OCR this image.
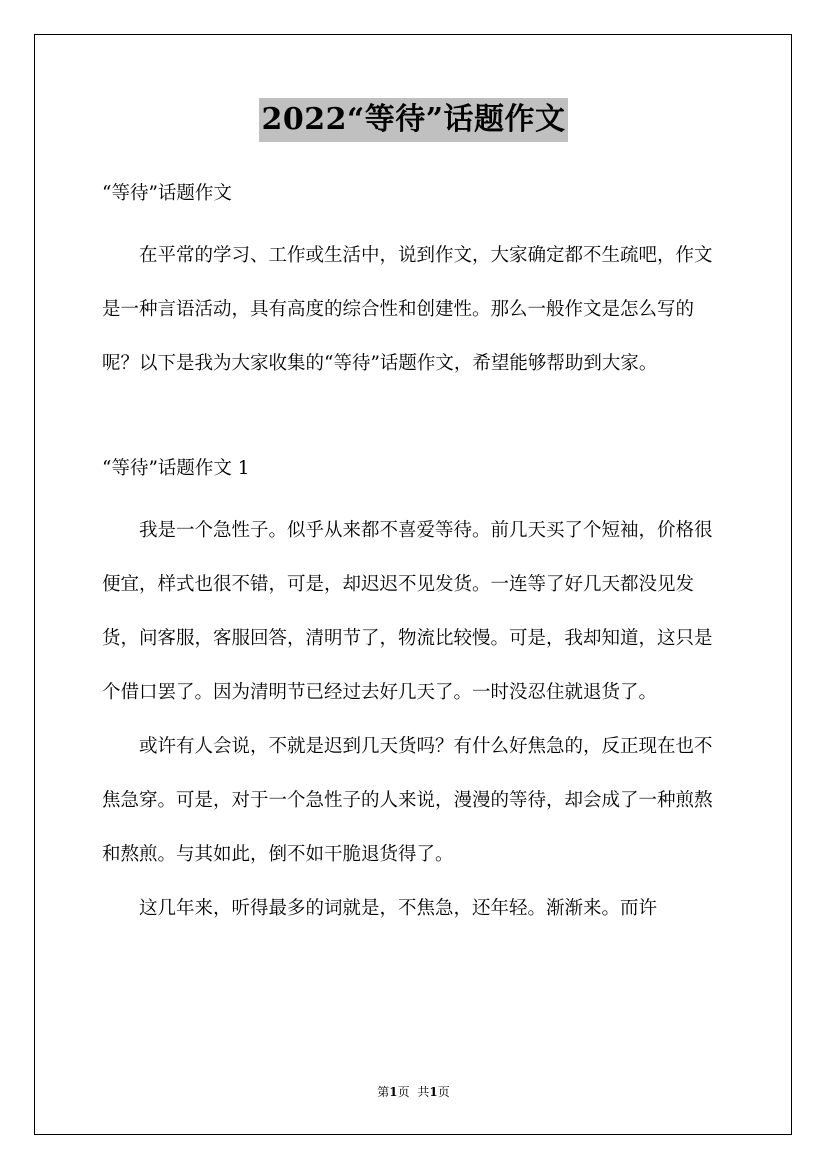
2022“等待”话题作文

“等待”话题作文

在平常的学习、工作或生活中，说到作文，大家确定都不生疏吧，作文是一种言语活动，具有高度的综合性和创建性。那么一般作文是怎么写的呢？以下是我为大家收集的“等待”话题作文，希望能够帮助到大家。

“等待”话题作文 1

我是一个急性子。似乎从来都不喜爱等待。前几天买了个短袖，价格很便宜，样式也很不错，可是，却迟迟不见发货。一连等了好几天都没见发货，问客服，客服回答，清明节了，物流比较慢。可是，我却知道，这只是个借口罢了。因为清明节已经过去好几天了。一时没忍住就退货了。

或许有人会说，不就是迟到几天货吗？有什么好焦急的，反正现在也不焦急穿。可是，对于一个急性子的人来说，漫漫的等待，却会成了一种煎熬和熬煎。与其如此，倒不如干脆退货得了。

这几年来，听得最多的词就是，不焦急，还年轻。渐渐来。而许

第1页 共1页
